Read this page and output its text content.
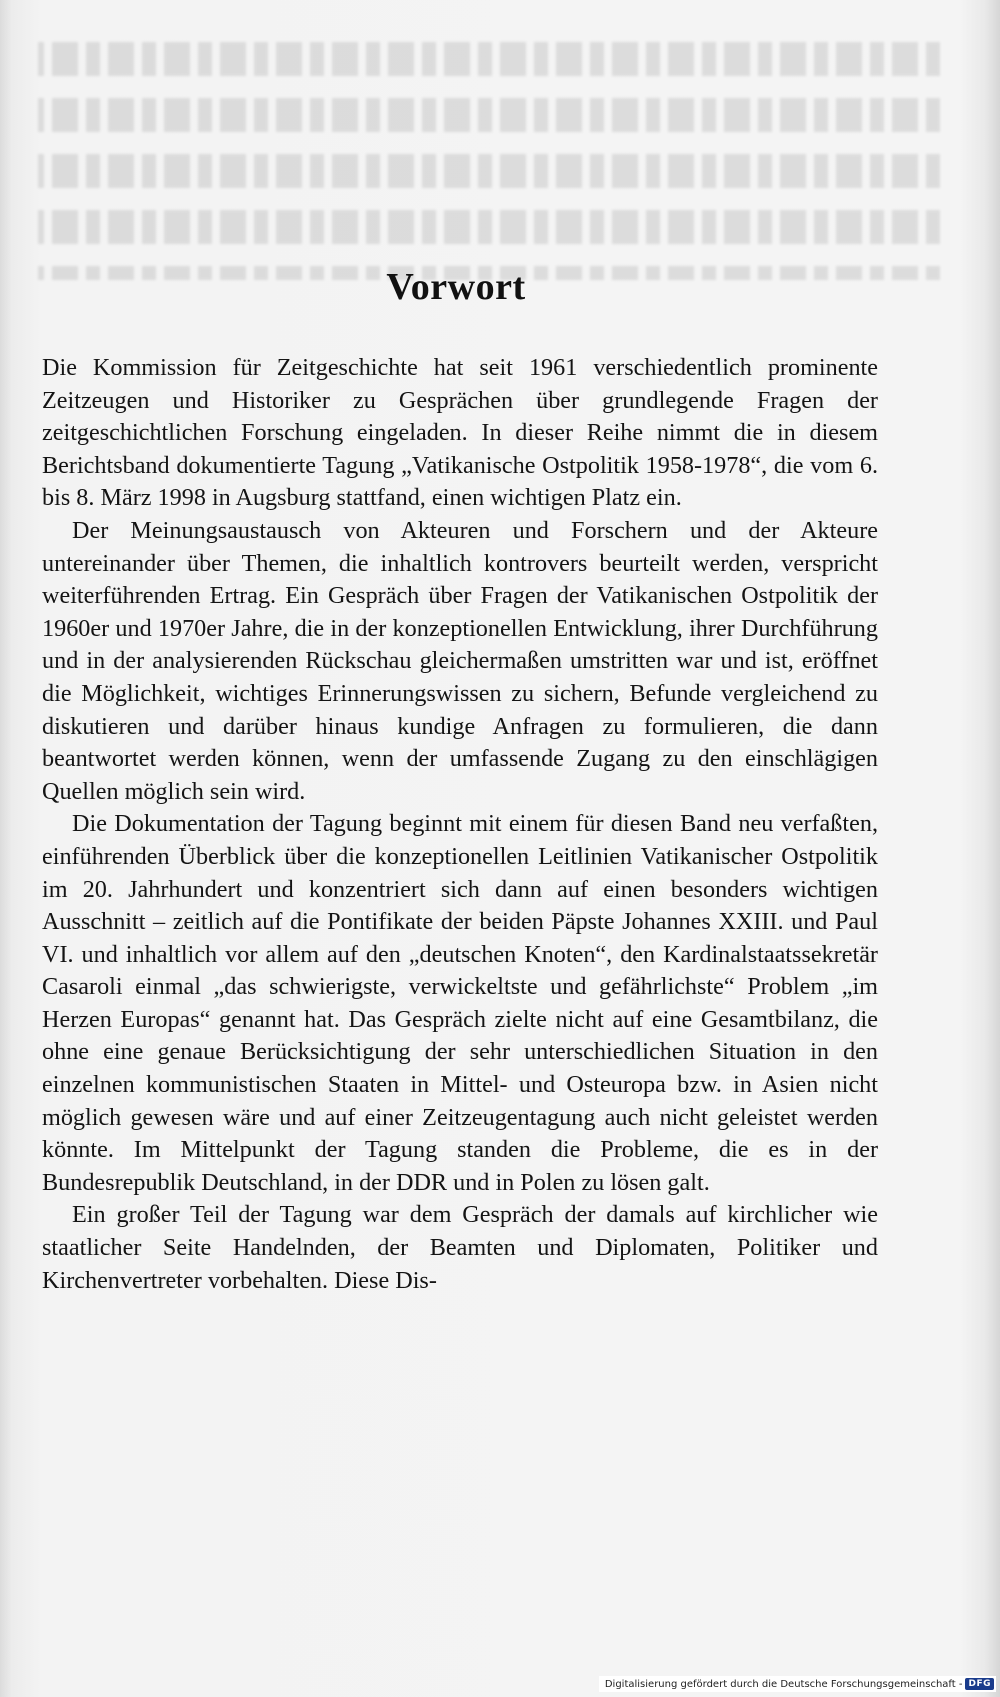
Vorwort

Die Kommission für Zeitgeschichte hat seit 1961 verschiedentlich prominente Zeitzeugen und Historiker zu Gesprächen über grundlegende Fragen der zeitgeschichtlichen Forschung eingeladen. In dieser Reihe nimmt die in diesem Berichtsband dokumentierte Tagung „Vatikanische Ostpolitik 1958-1978“, die vom 6. bis 8. März 1998 in Augsburg stattfand, einen wichtigen Platz ein.

Der Meinungsaustausch von Akteuren und Forschern und der Akteure untereinander über Themen, die inhaltlich kontrovers beurteilt werden, verspricht weiterführenden Ertrag. Ein Gespräch über Fragen der Vatikanischen Ostpolitik der 1960er und 1970er Jahre, die in der konzeptionellen Entwicklung, ihrer Durchführung und in der analysierenden Rückschau gleichermaßen umstritten war und ist, eröffnet die Möglichkeit, wichtiges Erinnerungswissen zu sichern, Befunde vergleichend zu diskutieren und darüber hinaus kundige Anfragen zu formulieren, die dann beantwortet werden können, wenn der umfassende Zugang zu den einschlägigen Quellen möglich sein wird.

Die Dokumentation der Tagung beginnt mit einem für diesen Band neu verfaßten, einführenden Überblick über die konzeptionellen Leitlinien Vatikanischer Ostpolitik im 20. Jahrhundert und konzentriert sich dann auf einen besonders wichtigen Ausschnitt – zeitlich auf die Pontifikate der beiden Päpste Johannes XXIII. und Paul VI. und inhaltlich vor allem auf den „deutschen Knoten“, den Kardinalstaatssekretär Casaroli einmal „das schwierigste, verwickeltste und gefährlichste“ Problem „im Herzen Europas“ genannt hat. Das Gespräch zielte nicht auf eine Gesamtbilanz, die ohne eine genaue Berücksichtigung der sehr unterschiedlichen Situation in den einzelnen kommunistischen Staaten in Mittel- und Osteuropa bzw. in Asien nicht möglich gewesen wäre und auf einer Zeitzeugentagung auch nicht geleistet werden könnte. Im Mittelpunkt der Tagung standen die Probleme, die es in der Bundesrepublik Deutschland, in der DDR und in Polen zu lösen galt.

Ein großer Teil der Tagung war dem Gespräch der damals auf kirchlicher wie staatlicher Seite Handelnden, der Beamten und Diplomaten, Politiker und Kirchenvertreter vorbehalten. Diese Dis-

Digitalisierung gefördert durch die Deutsche Forschungsgemeinschaft - DFG
